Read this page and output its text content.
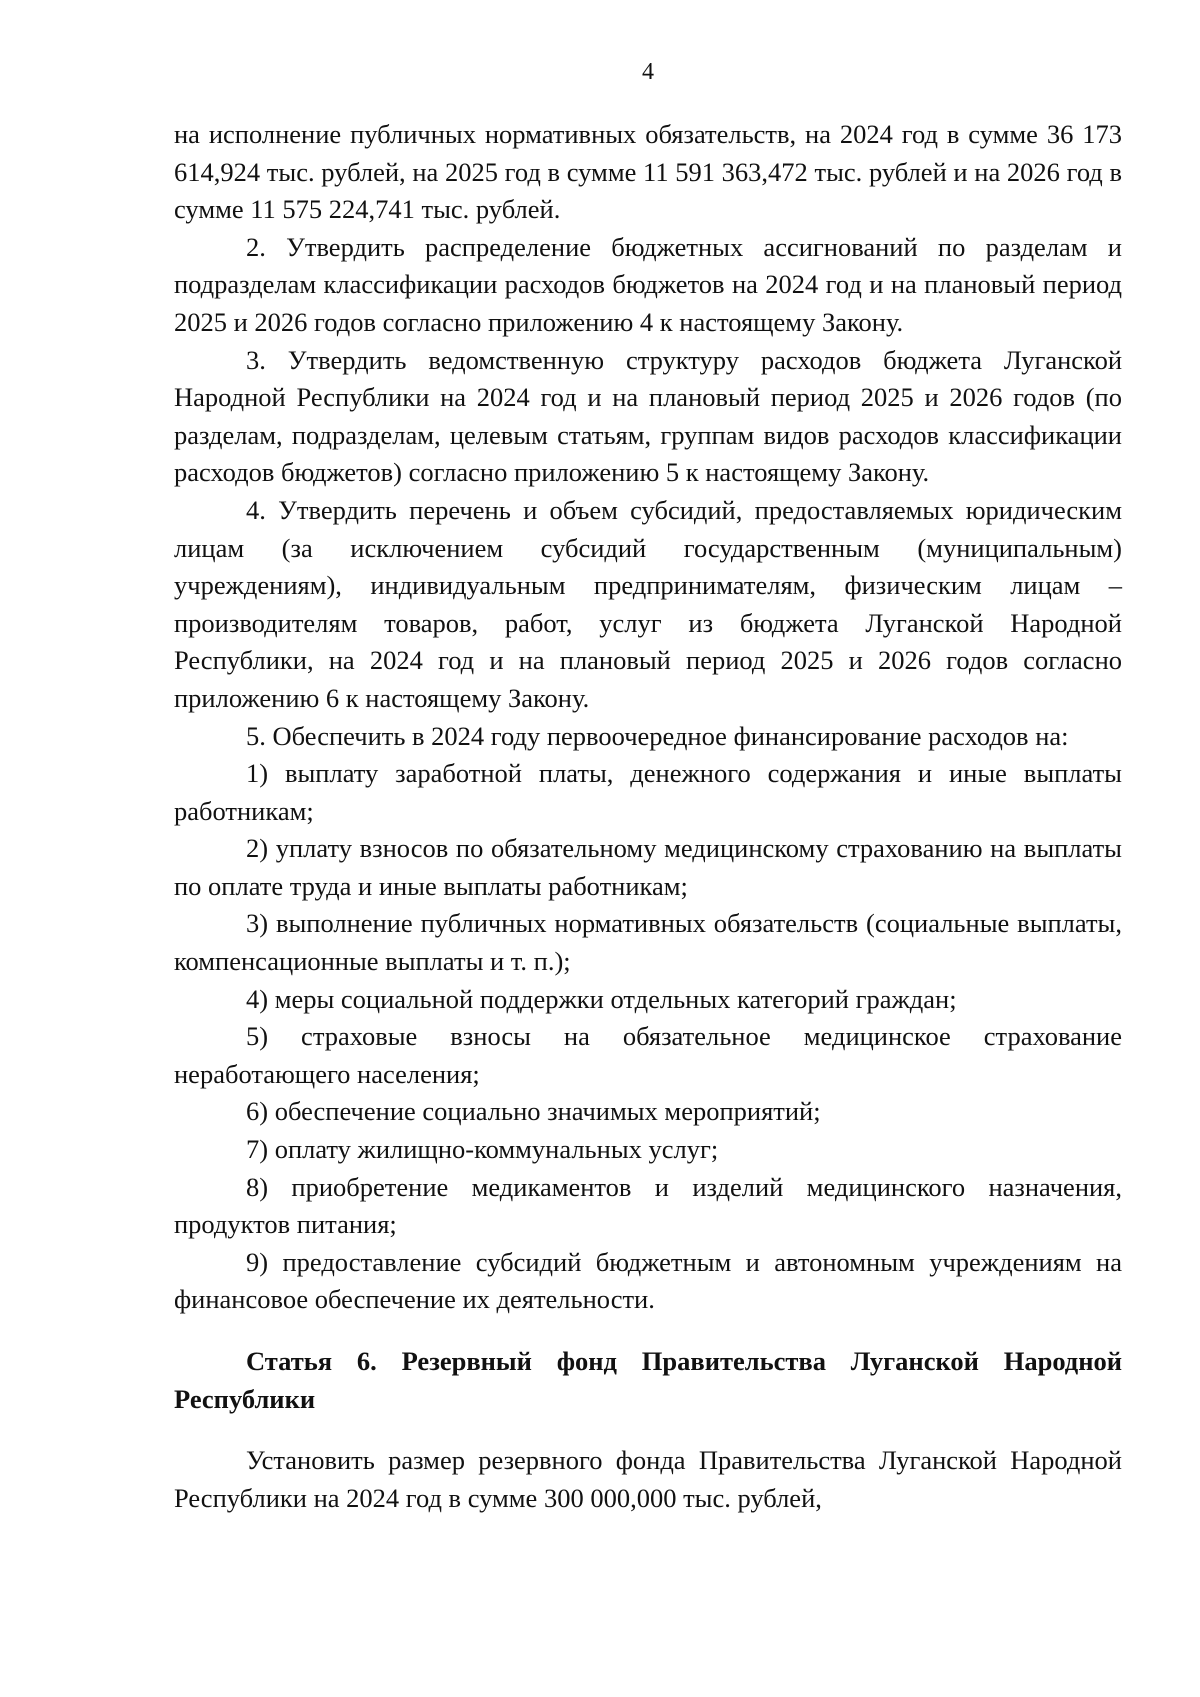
4

на исполнение публичных нормативных обязательств, на 2024 год в сумме 36 173 614,924 тыс. рублей, на 2025 год в сумме 11 591 363,472 тыс. рублей и на 2026 год в сумме 11 575 224,741 тыс. рублей.

2. Утвердить распределение бюджетных ассигнований по разделам и подразделам классификации расходов бюджетов на 2024 год и на плановый период 2025 и 2026 годов согласно приложению 4 к настоящему Закону.

3. Утвердить ведомственную структуру расходов бюджета Луганской Народной Республики на 2024 год и на плановый период 2025 и 2026 годов (по разделам, подразделам, целевым статьям, группам видов расходов классификации расходов бюджетов) согласно приложению 5 к настоящему Закону.

4. Утвердить перечень и объем субсидий, предоставляемых юридическим лицам (за исключением субсидий государственным (муниципальным) учреждениям), индивидуальным предпринимателям, физическим лицам – производителям товаров, работ, услуг из бюджета Луганской Народной Республики, на 2024 год и на плановый период 2025 и 2026 годов согласно приложению 6 к настоящему Закону.

5. Обеспечить в 2024 году первоочередное финансирование расходов на:

1) выплату заработной платы, денежного содержания и иные выплаты работникам;

2) уплату взносов по обязательному медицинскому страхованию на выплаты по оплате труда и иные выплаты работникам;

3) выполнение публичных нормативных обязательств (социальные выплаты, компенсационные выплаты и т. п.);

4) меры социальной поддержки отдельных категорий граждан;

5) страховые взносы на обязательное медицинское страхование неработающего населения;

6) обеспечение социально значимых мероприятий;

7) оплату жилищно-коммунальных услуг;

8) приобретение медикаментов и изделий медицинского назначения, продуктов питания;

9) предоставление субсидий бюджетным и автономным учреждениям на финансовое обеспечение их деятельности.

Статья 6. Резервный фонд Правительства Луганской Народной Республики

Установить размер резервного фонда Правительства Луганской Народной Республики на 2024 год в сумме 300 000,000 тыс. рублей,
